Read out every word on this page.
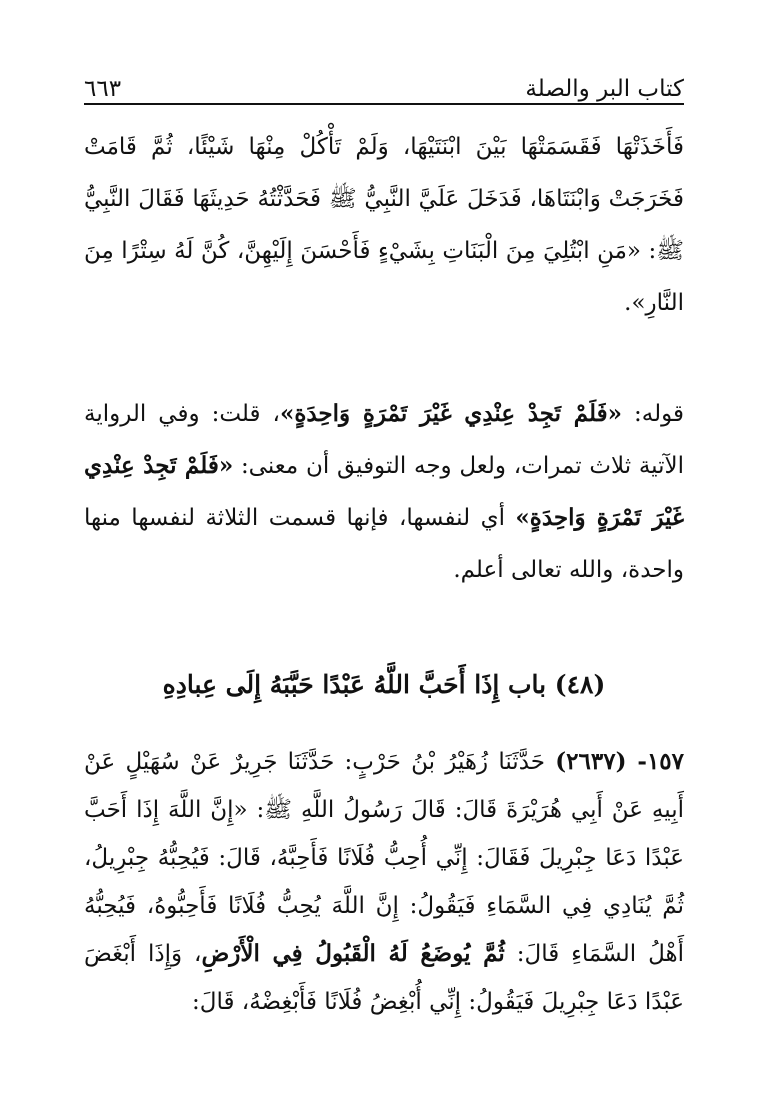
كتاب البر والصلة
٦٦٣

فَأَخَذَتْهَا فَقَسَمَتْهَا بَيْنَ ابْنَتَيْهَا، وَلَمْ تَأْكُلْ مِنْهَا شَيْئًا، ثُمَّ قَامَتْ فَخَرَجَتْ وَابْنَتَاهَا، فَدَخَلَ عَلَيَّ النَّبِيُّ ﷺ فَحَدَّثْتُهُ حَدِيثَهَا فَقَالَ النَّبِيُّ ﷺ: «مَنِ ابْتُلِيَ مِنَ الْبَنَاتِ بِشَيْءٍ فَأَحْسَنَ إِلَيْهِنَّ، كُنَّ لَهُ سِتْرًا مِنَ النَّارِ».

قوله: «فَلَمْ تَجِدْ عِنْدِي غَيْرَ تَمْرَةٍ وَاحِدَةٍ»، قلت: وفي الرواية الآتية ثلاث تمرات، ولعل وجه التوفيق أن معنى: «فَلَمْ تَجِدْ عِنْدِي غَيْرَ تَمْرَةٍ وَاحِدَةٍ» أي لنفسها، فإنها قسمت الثلاثة لنفسها منها واحدة، والله تعالى أعلم.

(٤٨) باب إِذَا أَحَبَّ اللَّهُ عَبْدًا حَبَّبَهُ إِلَى عِبادِهِ

١٥٧- (٢٦٣٧) حَدَّثَنَا زُهَيْرُ بْنُ حَرْبٍ: حَدَّثَنَا جَرِيرٌ عَنْ سُهَيْلٍ عَنْ أَبِيهِ عَنْ أَبِي هُرَيْرَةَ قَالَ: قَالَ رَسُولُ اللَّهِ ﷺ: «إِنَّ اللَّهَ إِذَا أَحَبَّ عَبْدًا دَعَا جِبْرِيلَ فَقَالَ: إِنِّي أُحِبُّ فُلَانًا فَأَحِبَّهُ، قَالَ: فَيُحِبُّهُ جِبْرِيلُ، ثُمَّ يُنَادِي فِي السَّمَاءِ فَيَقُولُ: إِنَّ اللَّهَ يُحِبُّ فُلَانًا فَأَحِبُّوهُ، فَيُحِبُّهُ أَهْلُ السَّمَاءِ قَالَ: ثُمَّ يُوضَعُ لَهُ الْقَبُولُ فِي الْأَرْضِ، وَإِذَا أَبْغَضَ عَبْدًا دَعَا جِبْرِيلَ فَيَقُولُ: إِنِّي أُبْغِضُ فُلَانًا فَأَبْغِضْهُ، قَالَ:
